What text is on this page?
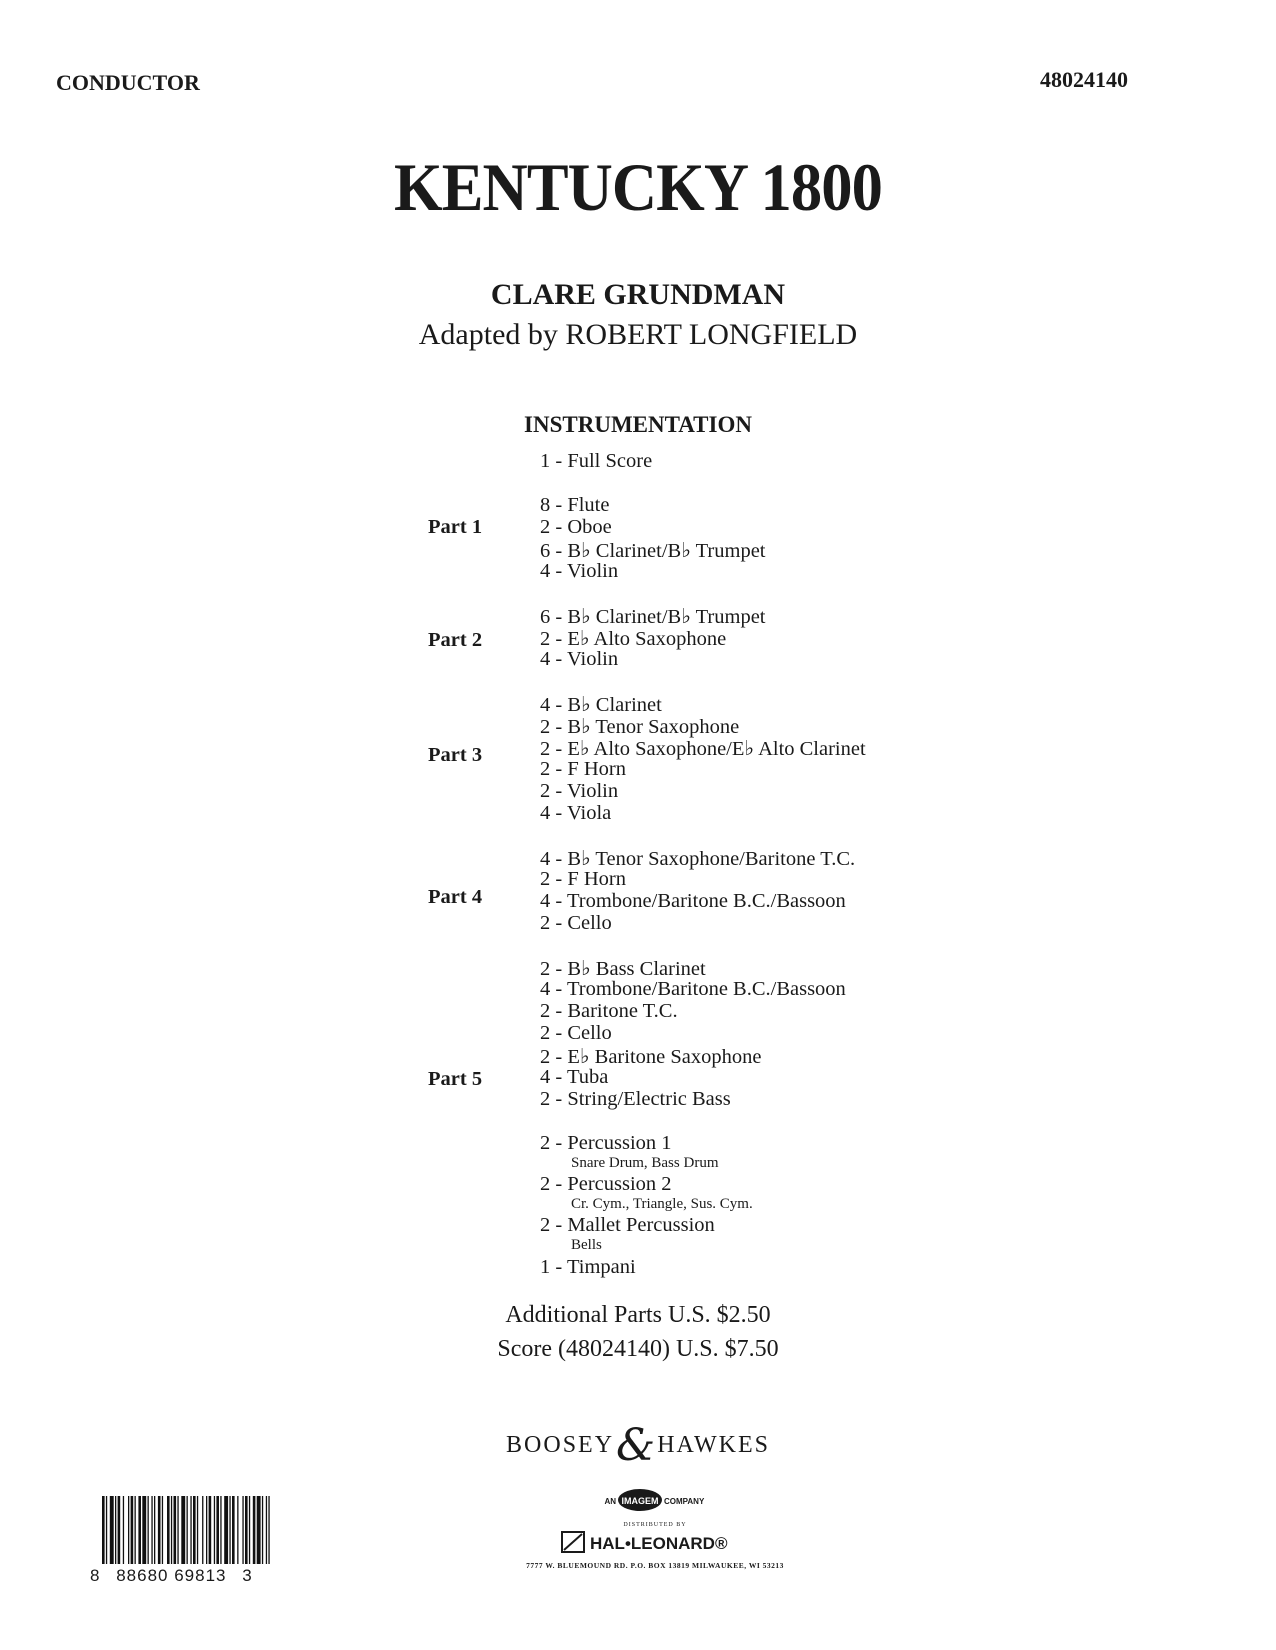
CONDUCTOR	48024140
KENTUCKY 1800
CLARE GRUNDMAN
Adapted by ROBERT LONGFIELD
INSTRUMENTATION
1 - Full Score
Part 1
8 - Flute
2 - Oboe
6 - B♭ Clarinet/B♭ Trumpet
4 - Violin
Part 2
6 - B♭ Clarinet/B♭ Trumpet
2 - E♭ Alto Saxophone
4 - Violin
Part 3
4 - B♭ Clarinet
2 - B♭ Tenor Saxophone
2 - E♭ Alto Saxophone/E♭ Alto Clarinet
2 - F Horn
2 - Violin
4 - Viola
Part 4
4 - B♭ Tenor Saxophone/Baritone T.C.
2 - F Horn
4 - Trombone/Baritone B.C./Bassoon
2 - Cello
Part 5
2 - B♭ Bass Clarinet
4 - Trombone/Baritone B.C./Bassoon
2 - Baritone T.C.
2 - Cello
2 - E♭ Baritone Saxophone
4 - Tuba
2 - String/Electric Bass
2 - Percussion 1
Snare Drum, Bass Drum
2 - Percussion 2
Cr. Cym., Triangle, Sus. Cym.
2 - Mallet Percussion
Bells
1 - Timpani
Additional Parts U.S. $2.50
Score (48024140) U.S. $7.50
BOOSEY&HAWKES
IMAGEM
AN	COMPANY
DISTRIBUTED BY
HAL•LEONARD®
7777 W. BLUEMOUND RD. P.O. BOX 13819 MILWAUKEE, WI 53213
8 88680 69813 3
